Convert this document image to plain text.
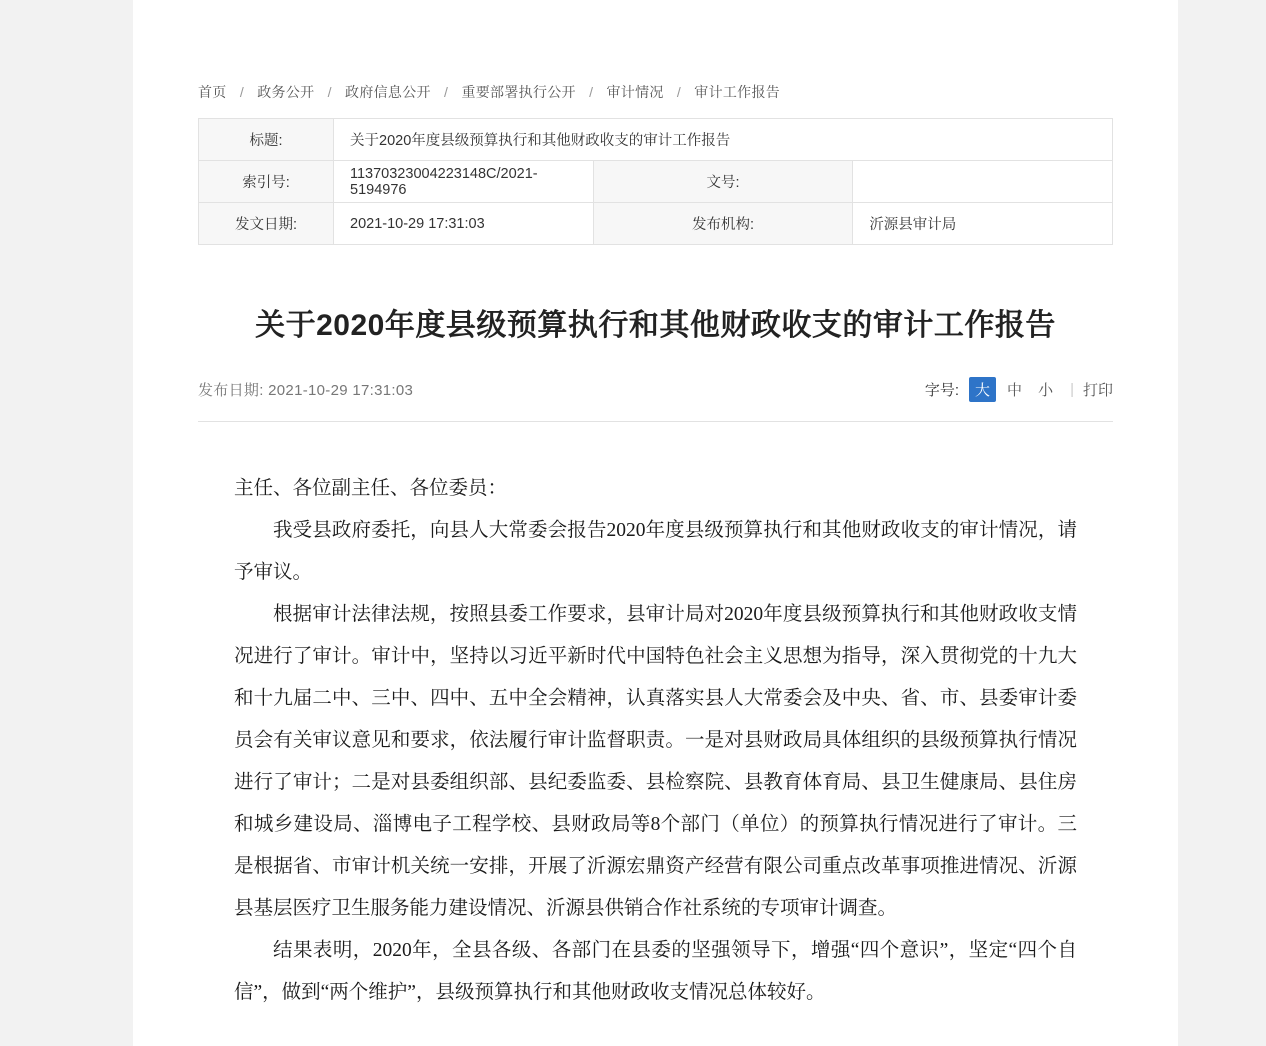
首页 / 政务公开 / 政府信息公开 / 重要部署执行公开 / 审计情况 / 审计工作报告
标题:	关于2020年度县级预算执行和其他财政收支的审计工作报告		
索引号:	11370323004223148C/2021-5194976	文号:	
发文日期:	2021-10-29 17:31:03	发布机构:	沂源县审计局
关于2020年度县级预算执行和其他财政收支的审计工作报告
发布日期: 2021-10-29 17:31:03	字号:	大	中	小	| 打印

主任、各位副主任、各位委员：

我受县政府委托，向县人大常委会报告2020年度县级预算执行和其他财政收支的审计情况，请予审议。

根据审计法律法规，按照县委工作要求，县审计局对2020年度县级预算执行和其他财政收支情况进行了审计。审计中，坚持以习近平新时代中国特色社会主义思想为指导，深入贯彻党的十九大和十九届二中、三中、四中、五中全会精神，认真落实县人大常委会及中央、省、市、县委审计委员会有关审议意见和要求，依法履行审计监督职责。一是对县财政局具体组织的县级预算执行情况进行了审计；二是对县委组织部、县纪委监委、县检察院、县教育体育局、县卫生健康局、县住房和城乡建设局、淄博电子工程学校、县财政局等8个部门（单位）的预算执行情况进行了审计。三是根据省、市审计机关统一安排，开展了沂源宏鼎资产经营有限公司重点改革事项推进情况、沂源县基层医疗卫生服务能力建设情况、沂源县供销合作社系统的专项审计调查。

结果表明，2020年，全县各级、各部门在县委的坚强领导下，增强“四个意识”，坚定“四个自信”，做到“两个维护”，县级预算执行和其他财政收支情况总体较好。
